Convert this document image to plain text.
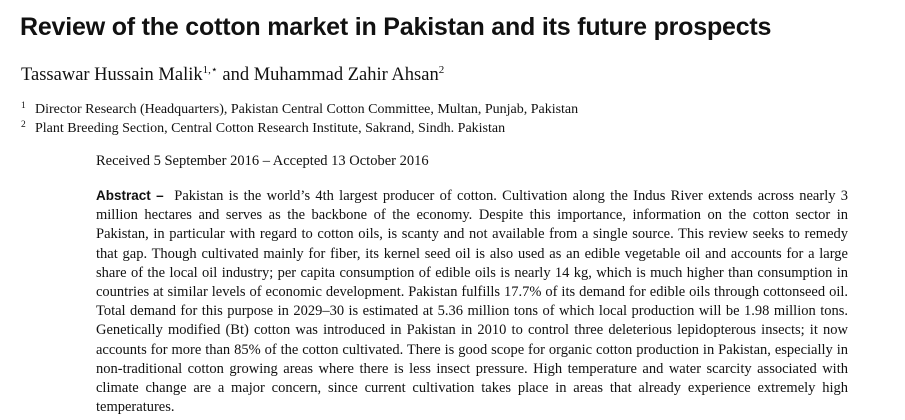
Review of the cotton market in Pakistan and its future prospects

Tassawar Hussain Malik$^{1,⋆}$ and Muhammad Zahir Ahsan$^2$

$^1$ Director Research (Headquarters), Pakistan Central Cotton Committee, Multan, Punjab, Pakistan

$^2$ Plant Breeding Section, Central Cotton Research Institute, Sakrand, Sindh. Pakistan

Received 5 September 2016 – Accepted 13 October 2016

Abstract – Pakistan is the world’s 4th largest producer of cotton. Cultivation along the Indus River extends across nearly 3 million hectares and serves as the backbone of the economy. Despite this importance, information on the cotton sector in Pakistan, in particular with regard to cotton oils, is scanty and not available from a single source. This review seeks to remedy that gap. Though cultivated mainly for fiber, its kernel seed oil is also used as an edible vegetable oil and accounts for a large share of the local oil industry; per capita consumption of edible oils is nearly 14 kg, which is much higher than consumption in countries at similar levels of economic development. Pakistan fulfills 17.7% of its demand for edible oils through cottonseed oil. Total demand for this purpose in 2029–30 is estimated at 5.36 million tons of which local production will be 1.98 million tons. Genetically modified (Bt) cotton was introduced in Pakistan in 2010 to control three deleterious lepidopterous insects; it now accounts for more than 85% of the cotton cultivated. There is good scope for organic cotton production in Pakistan, especially in non-traditional cotton growing areas where there is less insect pressure. High temperature and water scarcity associated with climate change are a major concern, since current cultivation takes place in areas that already experience extremely high temperatures.
